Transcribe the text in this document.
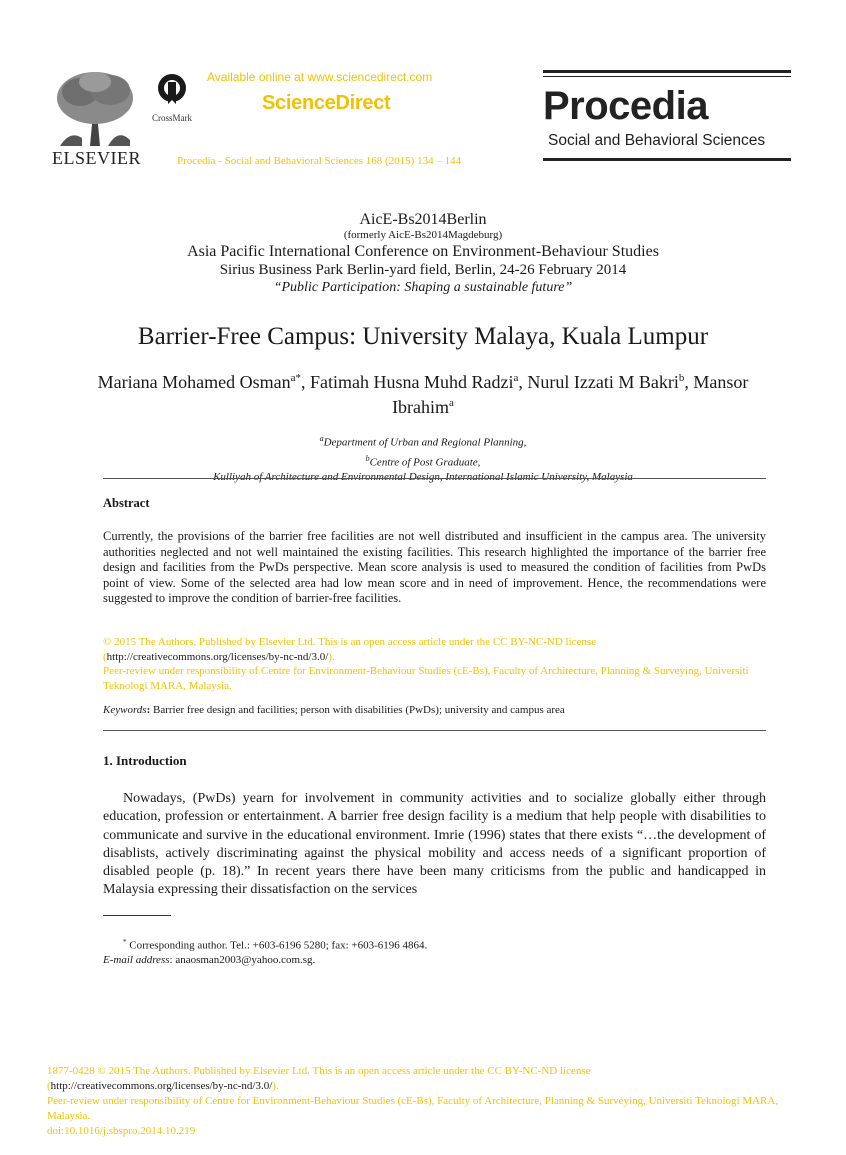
ELSEVIER
CrossMark
Available online at www.sciencedirect.com
ScienceDirect
Procedia - Social and Behavioral Sciences 168 (2015) 134 – 144
Procedia
Social and Behavioral Sciences
AicE-Bs2014Berlin
(formerly AicE-Bs2014Magdeburg)
Asia Pacific International Conference on Environment-Behaviour Studies
Sirius Business Park Berlin-yard field, Berlin, 24-26 February 2014
“Public Participation: Shaping a sustainable future”
Barrier-Free Campus: University Malaya, Kuala Lumpur
Mariana Mohamed Osman$^{a*}$, Fatimah Husna Muhd Radzi$^a$, Nurul Izzati M Bakri$^b$, Mansor Ibrahim$^a$
$^a$Department of Urban and Regional Planning,
$^b$Centre of Post Graduate,
Abstract
Currently, the provisions of the barrier free facilities are not well distributed and insufficient in the campus area. The university authorities neglected and not well maintained the existing facilities. This research highlighted the importance of the barrier free design and facilities from the PwDs perspective. Mean score analysis is used to measured the condition of facilities from PwDs point of view. Some of the selected area had low mean score and in need of improvement. Hence, the recommendations were suggested to improve the condition of barrier-free facilities.
© 2015 The Authors. Published by Elsevier Ltd. This is an open access article under the CC BY-NC-ND license
(http://creativecommons.org/licenses/by-nc-nd/3.0/).
Peer-review under responsibility of Centre for Environment-Behaviour Studies (cE-Bs), Faculty of Architecture, Planning & Surveying, Universiti Teknologi MARA, Malaysia.
Keywords: Barrier free design and facilities; person with disabilities (PwDs); university and campus area
1. Introduction
Nowadays, (PwDs) yearn for involvement in community activities and to socialize globally either through education, profession or entertainment. A barrier free design facility is a medium that help people with disabilities to communicate and survive in the educational environment. Imrie (1996) states that there exists “…the development of disablists, actively discriminating against the physical mobility and access needs of a significant proportion of disabled people (p. 18).” In recent years there have been many criticisms from the public and handicapped in Malaysia expressing their dissatisfaction on the services
* Corresponding author. Tel.: +603-6196 5280; fax: +603-6196 4864.
E-mail address: anaosman2003@yahoo.com.sg.
1877-0428 © 2015 The Authors. Published by Elsevier Ltd. This is an open access article under the CC BY-NC-ND license
(http://creativecommons.org/licenses/by-nc-nd/3.0/).
Peer-review under responsibility of Centre for Environment-Behaviour Studies (cE-Bs), Faculty of Architecture, Planning & Surveying, Universiti Teknologi MARA, Malaysia.
doi:10.1016/j.sbspro.2014.10.219
